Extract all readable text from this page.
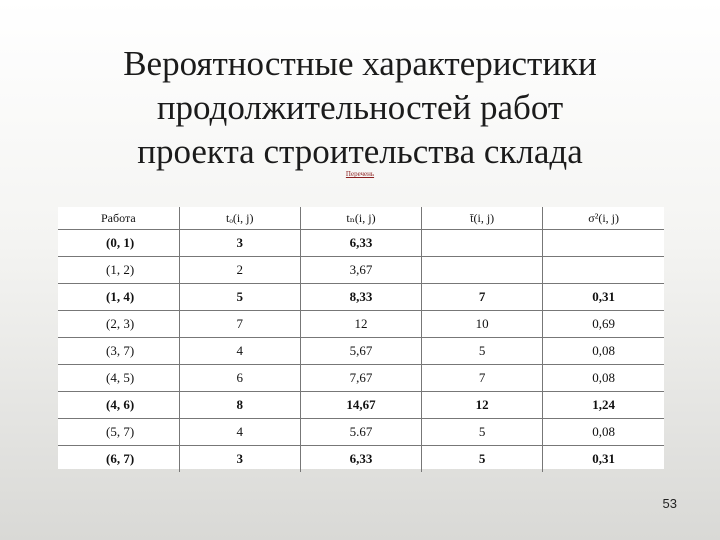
Вероятностные характеристики
продолжительностей работ
проекта строительства склада
Перечень
Работа	tₒ(i, j)	tₙ(i, j)	t̄(i, j)	σ²(i, j)
(0, 1)	3	6,33		
(1, 2)	2	3,67		
(1, 4)	5	8,33	7	0,31
(2, 3)	7	12	10	0,69
(3, 7)	4	5,67	5	0,08
(4, 5)	6	7,67	7	0,08
(4, 6)	8	14,67	12	1,24
(5, 7)	4	5.67	5	0,08
(6, 7)	3	6,33	5	0,31
53
